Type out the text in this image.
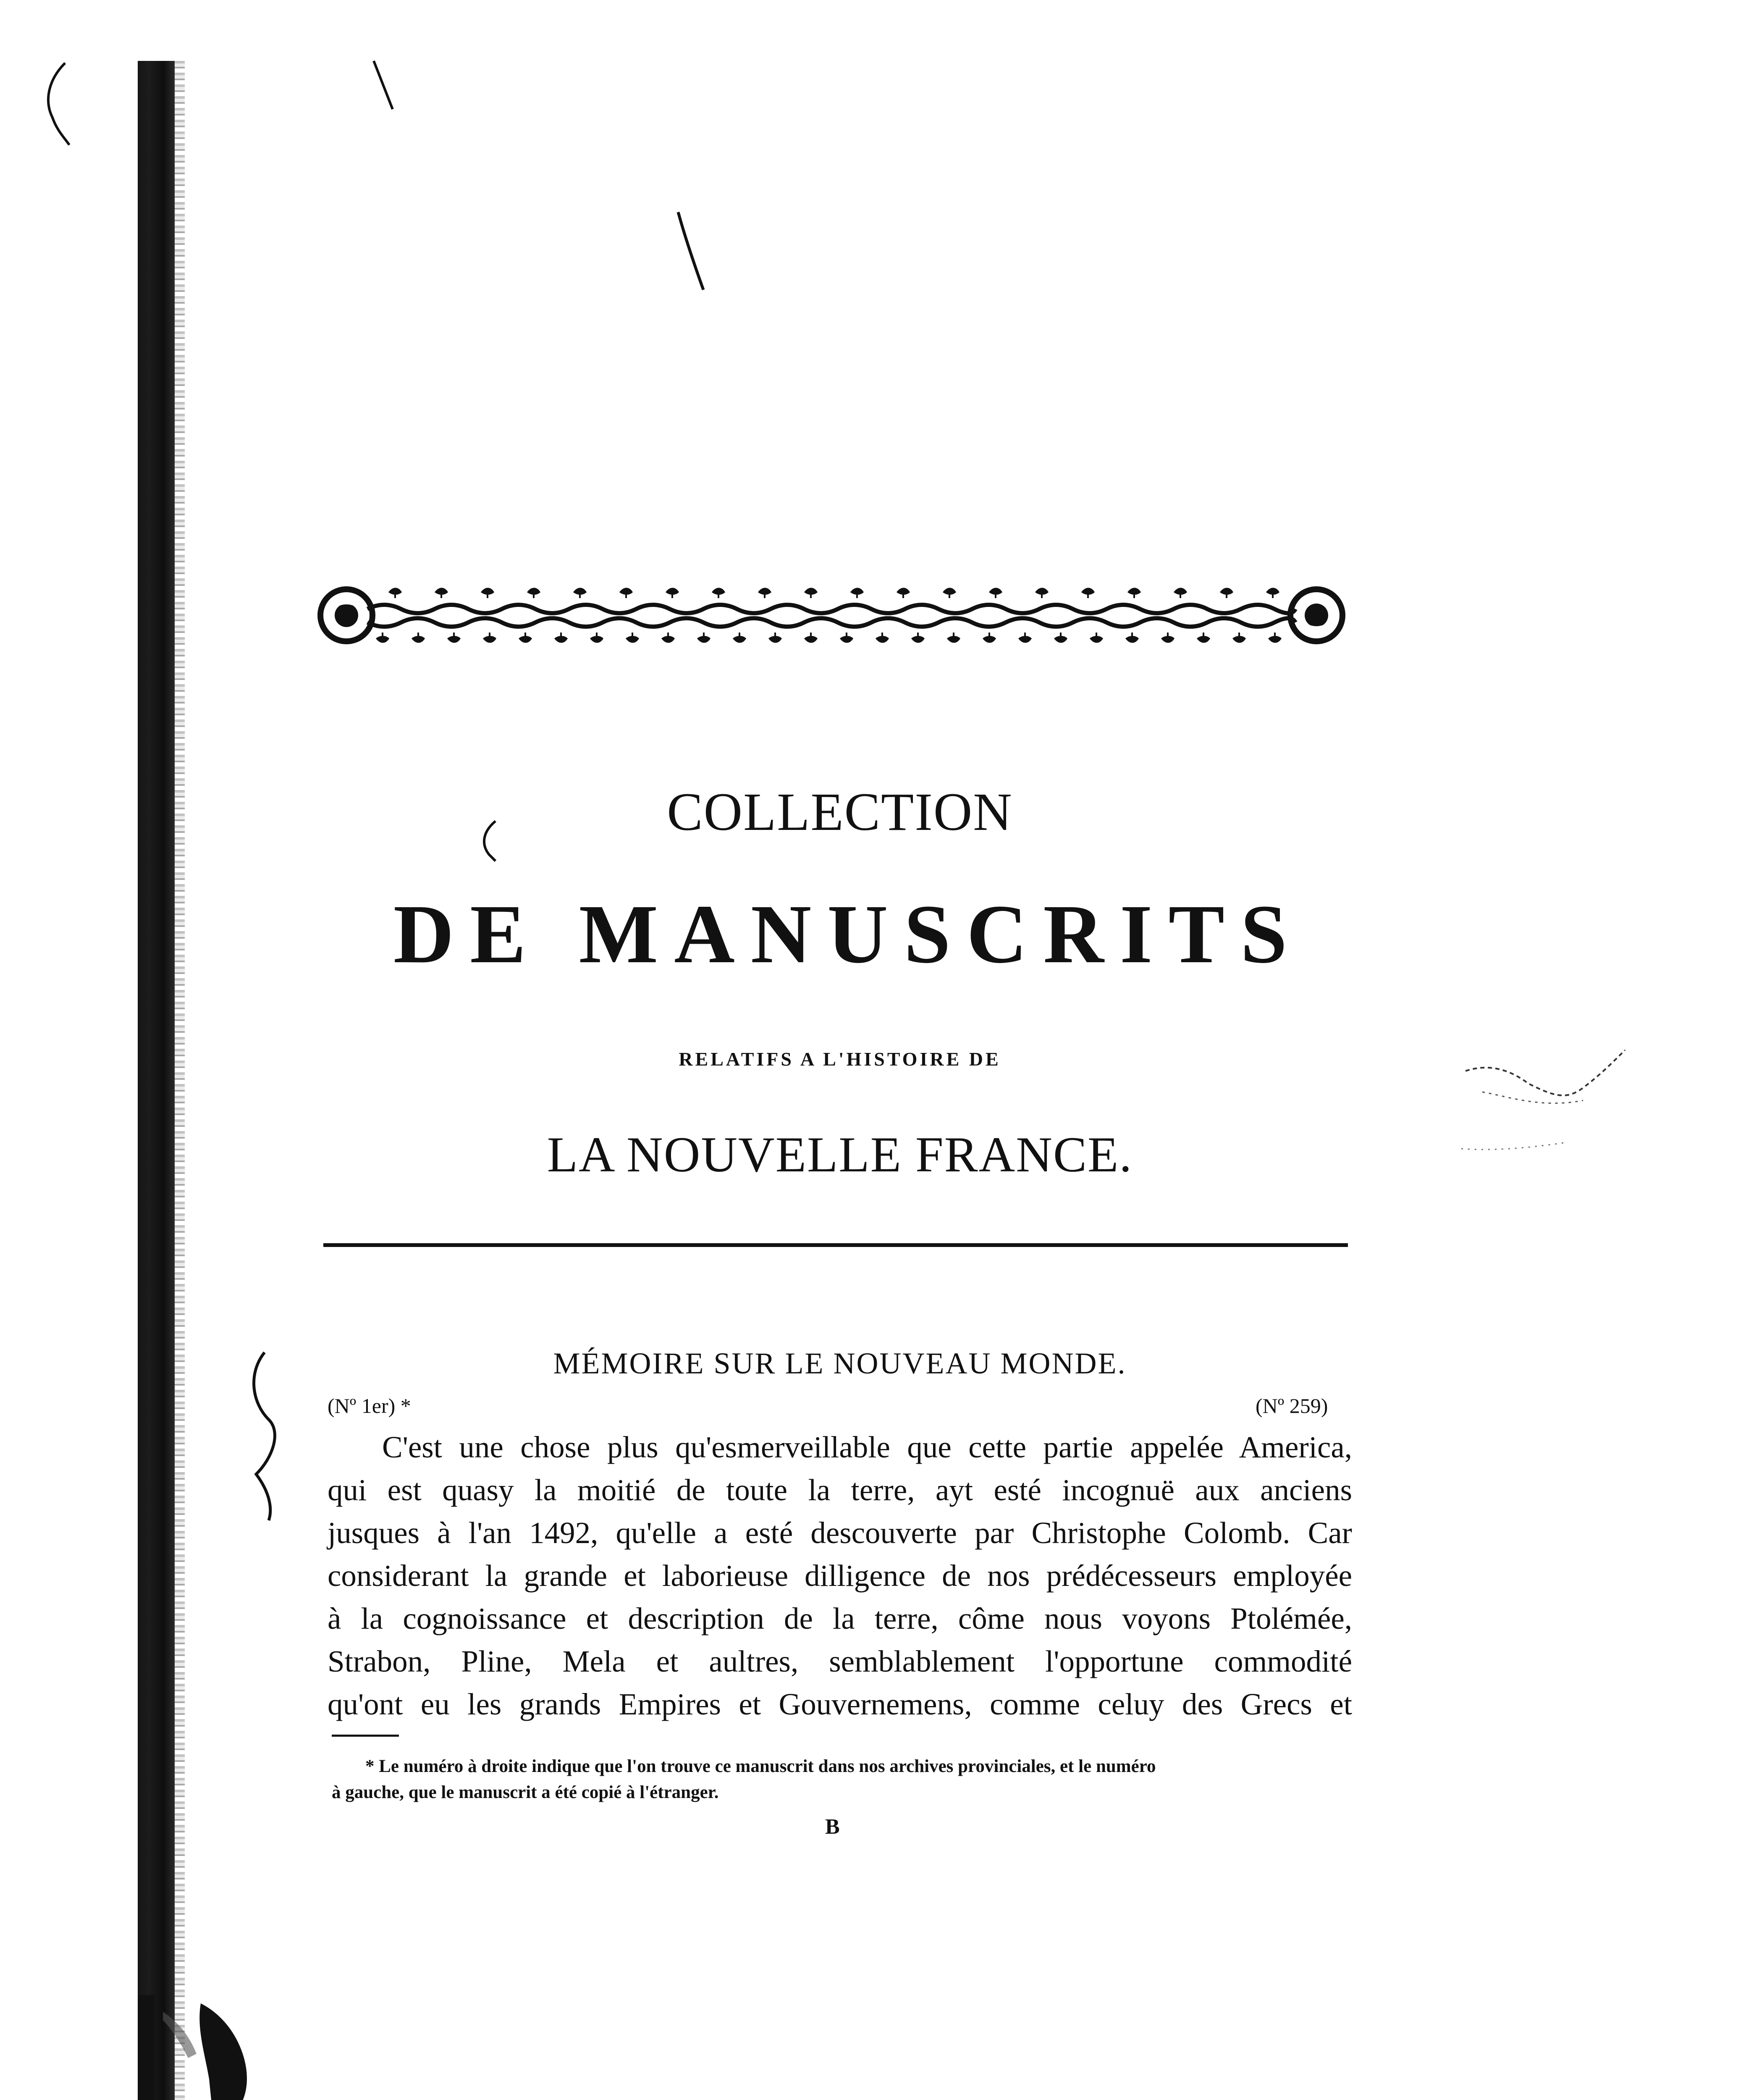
COLLECTION
DE MANUSCRITS
RELATIFS A L'HISTOIRE DE
LA NOUVELLE FRANCE.
MÉMOIRE SUR LE NOUVEAU MONDE.
(Nº 1er) *	(Nº 259)
C'est une chose plus qu'esmerveillable que cette partie appelée America,
qui est quasy la moitié de toute la terre, ayt esté incognuë aux anciens
jusques à l'an 1492, qu'elle a esté descouverte par Christophe Colomb. Car
considerant la grande et laborieuse dilligence de nos prédécesseurs employée
à la cognoissance et description de la terre, côme nous voyons Ptolémée,
Strabon, Pline, Mela et aultres, semblablement l'opportune commodité
qu'ont eu les grands Empires et Gouvernemens, comme celuy des Grecs et
* Le numéro à droite indique que l'on trouve ce manuscrit dans nos archives provinciales, et le numéro
à gauche, que le manuscrit a été copié à l'étranger.
B
